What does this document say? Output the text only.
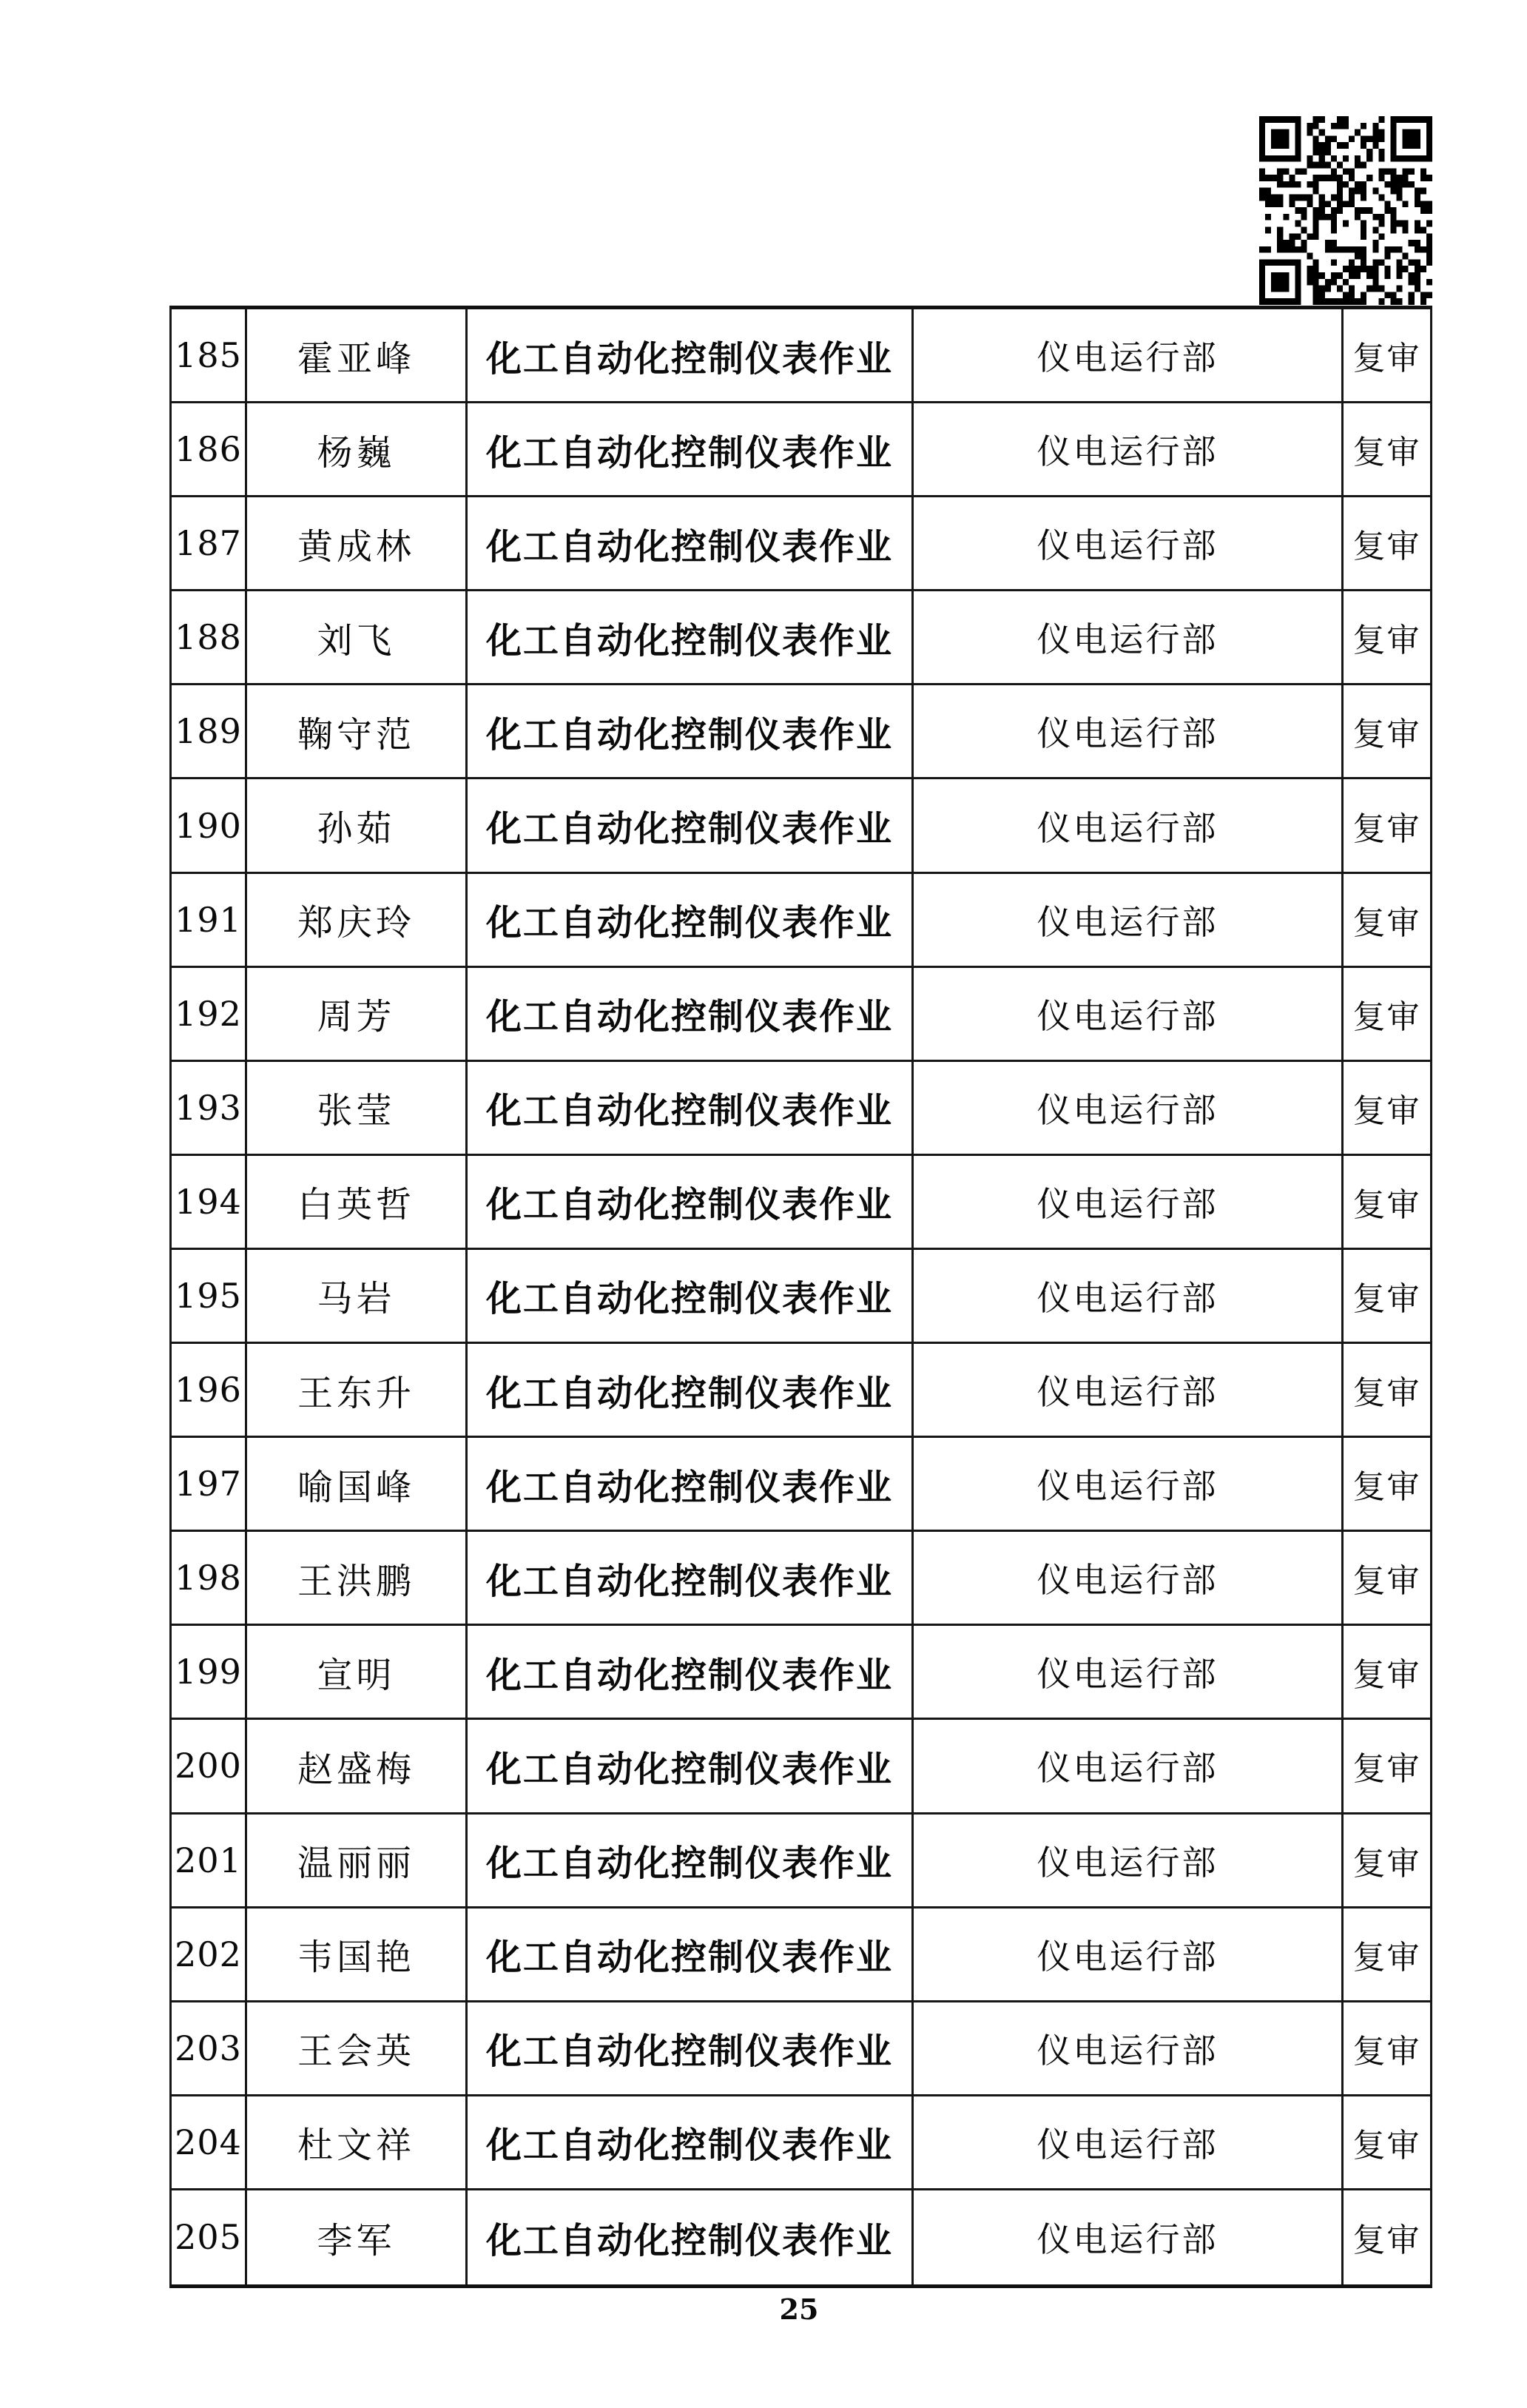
185	霍亚峰	化工自动化控制仪表作业	仪电运行部	复审
186	杨巍	化工自动化控制仪表作业	仪电运行部	复审
187	黄成林	化工自动化控制仪表作业	仪电运行部	复审
188	刘飞	化工自动化控制仪表作业	仪电运行部	复审
189	鞠守范	化工自动化控制仪表作业	仪电运行部	复审
190	孙茹	化工自动化控制仪表作业	仪电运行部	复审
191	郑庆玲	化工自动化控制仪表作业	仪电运行部	复审
192	周芳	化工自动化控制仪表作业	仪电运行部	复审
193	张莹	化工自动化控制仪表作业	仪电运行部	复审
194	白英哲	化工自动化控制仪表作业	仪电运行部	复审
195	马岩	化工自动化控制仪表作业	仪电运行部	复审
196	王东升	化工自动化控制仪表作业	仪电运行部	复审
197	喻国峰	化工自动化控制仪表作业	仪电运行部	复审
198	王洪鹏	化工自动化控制仪表作业	仪电运行部	复审
199	宣明	化工自动化控制仪表作业	仪电运行部	复审
200	赵盛梅	化工自动化控制仪表作业	仪电运行部	复审
201	温丽丽	化工自动化控制仪表作业	仪电运行部	复审
202	韦国艳	化工自动化控制仪表作业	仪电运行部	复审
203	王会英	化工自动化控制仪表作业	仪电运行部	复审
204	杜文祥	化工自动化控制仪表作业	仪电运行部	复审
205	李军	化工自动化控制仪表作业	仪电运行部	复审
25
